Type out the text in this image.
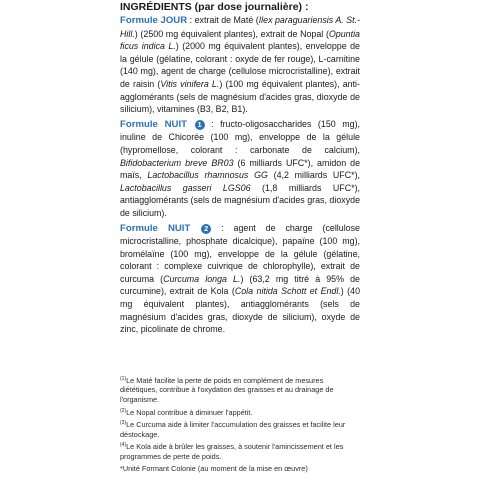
INGRÉDIENTS (par dose journalière) :

Formule JOUR : extrait de Maté (Ilex paraguariensis A. St.-Hill.) (2500 mg équivalent plantes), extrait de Nopal (Opuntia ficus indica L.) (2000 mg équivalent plantes), enveloppe de la gélule (gélatine, colorant : oxyde de fer rouge), L-carnitine (140 mg), agent de charge (cellulose microcristalline), extrait de raisin (Vitis vinifera L.) (100 mg équivalent plantes), anti-agglomérants (sels de magnésium d'acides gras, dioxyde de silicium), vitamines (B3, B2, B1).

Formule NUIT 1 : fructo-oligosaccharides (150 mg), inuline de Chicorée (100 mg), enveloppe de la gélule (hypromellose, colorant : carbonate de calcium), Bifidobacterium breve BR03 (6 milliards UFC*), amidon de maïs, Lactobacillus rhamnosus GG (4,2 milliards UFC*), Lactobacillus gasseri LGS06 (1,8 milliards UFC*), antiagglomérants (sels de magnésium d'acides gras, dioxyde de silicium).

Formule NUIT 2 : agent de charge (cellulose microcristalline, phosphate dicalcique), papaïne (100 mg), bromélaïne (100 mg), enveloppe de la gélule (gélatine, colorant : complexe cuivrique de chlorophylle), extrait de curcuma (Curcuma longa L.) (63,2 mg titré à 95% de curcumine), extrait de Kola (Cola nitida Schott et Endl.) (40 mg équivalent plantes), antiagglomérants (sels de magnésium d'acides gras, dioxyde de silicium), oxyde de zinc, picolinate de chrome.

$^{(1)}$Le Maté facilite la perte de poids en complément de mesures diététiques, contribue à l'oxydation des graisses et au drainage de l'organisme.
$^{(2)}$Le Nopal contribue à diminuer l'appétit.
$^{(3)}$Le Curcuma aide à limiter l'accumulation des graisses et facilite leur déstockage.
$^{(4)}$Le Kola aide à brûler les graisses, à soutenir l'amincissement et les programmes de perte de poids.
*Unité Formant Colonie (au moment de la mise en œuvre)
